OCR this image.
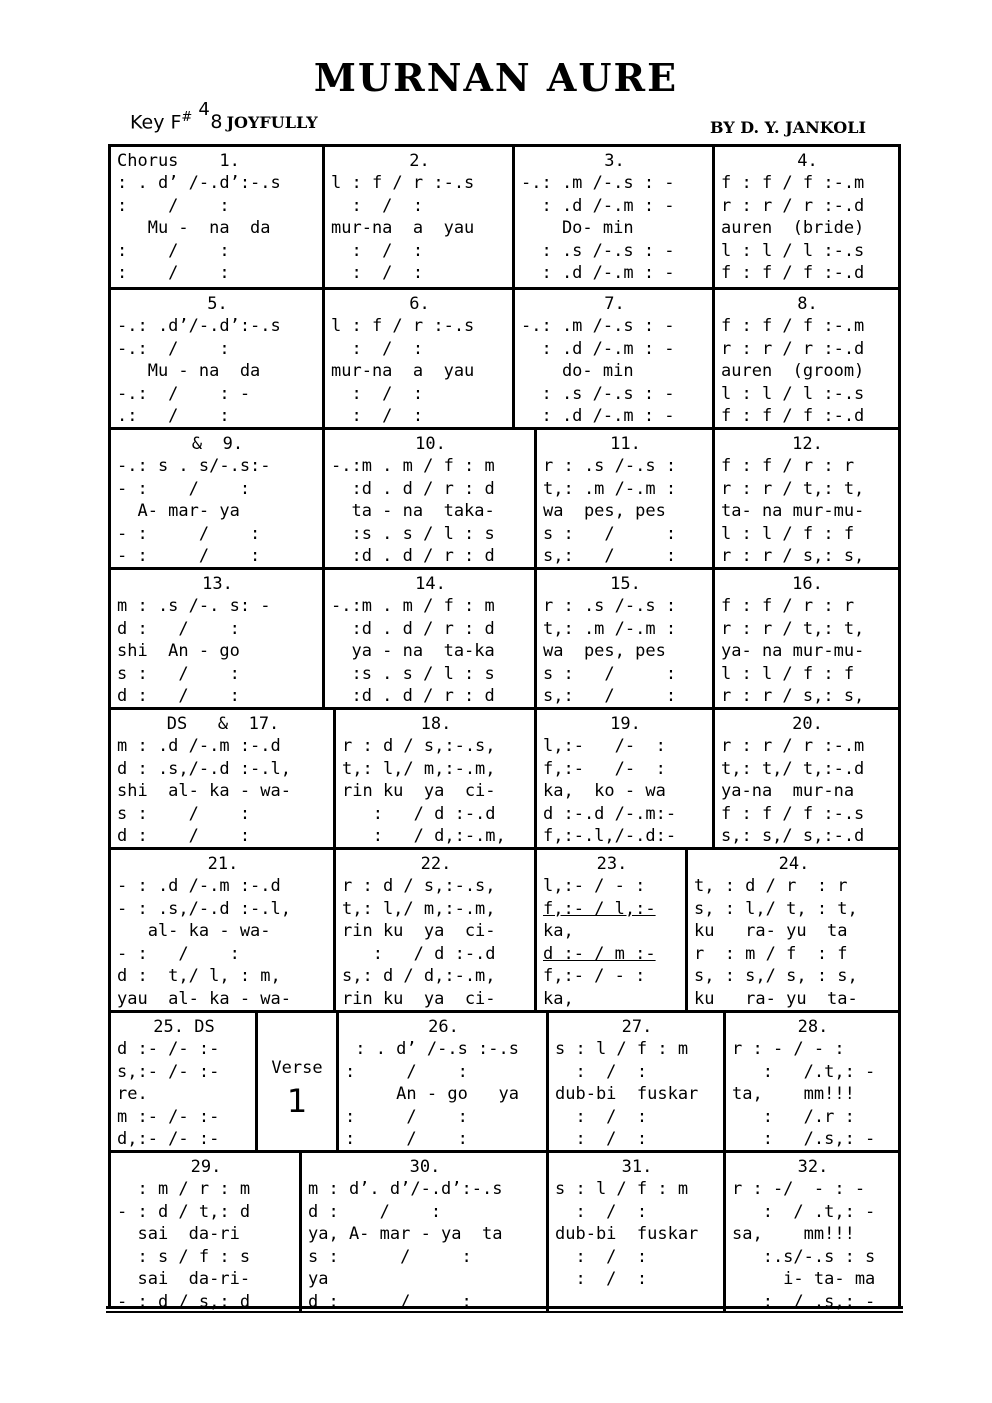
MURNAN AURE
Key F# 4
8 JOYFULLY	BY D. Y. JANKOLI
Verse
1
Chorus    1.
: . d’ /-.d’:-.s
:    /    :
Mu -  na  da
:    /    :
:    /    :
2.
l : f / r :-.s
:  /  :
mur-na  a  yau
:  /  :
:  /  :
3.
-.: .m /-.s : -
: .d /-.m : -
Do- min
: .s /-.s : -
: .d /-.m : -
4.
f : f / f :-.m
r : r / r :-.d
auren  (bride)
l : l / l :-.s
f : f / f :-.d
5.
-.: .d’/-.d’:-.s
-.:  /    :
Mu - na  da
-.:  /    : -
.:   /    :
6.
l : f / r :-.s
:  /  :
mur-na  a  yau
:  /  :
:  /  :
7.
-.: .m /-.s : -
: .d /-.m : -
do- min
: .s /-.s : -
: .d /-.m : -
8.
f : f / f :-.m
r : r / r :-.d
auren  (groom)
l : l / l :-.s
f : f / f :-.d
&  9.
-.: s . s/-.s:-
- :    /    :
A- mar- ya
- :     /    :
- :     /    :
10.
-.:m . m / f : m
:d . d / r : d
ta - na  taka-
:s . s / l : s
:d . d / r : d
11.
r : .s /-.s :
t,: .m /-.m :
wa  pes, pes
s :   /     :
s,:   /     :
12.
f : f / r : r
r : r / t,: t,
ta- na mur-mu-
l : l / f : f
r : r / s,: s,
13.
m : .s /-. s: -
d :   /    :
shi  An - go
s :   /    :
d :   /    :
14.
-.:m . m / f : m
:d . d / r : d
ya - na  ta-ka
:s . s / l : s
:d . d / r : d
15.
r : .s /-.s :
t,: .m /-.m :
wa  pes, pes
s :   /     :
s,:   /     :
16.
f : f / r : r
r : r / t,: t,
ya- na mur-mu-
l : l / f : f
r : r / s,: s,
DS   &  17.
m : .d /-.m :-.d
d : .s,/-.d :-.l,
shi  al- ka - wa-
s :    /    :
d :    /    :
18.
r : d / s,:-.s,
t,: l,/ m,:-.m,
rin ku  ya  ci-
:   / d :-.d
:   / d,:-.m,
19.
l,:-   /-  :
f,:-   /-  :
ka,  ko - wa
d :-.d /-.m:-
f,:-.l,/-.d:-
20.
r : r / r :-.m
t,: t,/ t,:-.d
ya-na  mur-na
f : f / f :-.s
s,: s,/ s,:-.d
21.
- : .d /-.m :-.d
- : .s,/-.d :-.l,
al- ka - wa-
- :   /    :
d :  t,/ l, : m,
yau  al- ka - wa-
22.
r : d / s,:-.s,
t,: l,/ m,:-.m,
rin ku  ya  ci-
:   / d :-.d
s,: d / d,:-.m,
rin ku  ya  ci-
23.
l,:- / - :
f,:- / l,:-
ka,
d :- / m :-
f,:- / - :
ka,
24.
t, : d / r  : r
s, : l,/ t, : t,
ku   ra- yu  ta
r  : m / f  : f
s, : s,/ s, : s,
ku   ra- yu  ta-
25. DS
d :- /- :-
s,:- /- :-
re.
m :- /- :-
d,:- /- :-
26.
: . d’ /-.s :-.s
:     /    :
An - go   ya
:     /    :
:     /    :
27.
s : l / f : m
:  /  :
dub-bi  fuskar
:  /  :
:  /  :
28.
r : - / - :
:   /.t,: -
ta,    mm!!!
:   /.r :
:   /.s,: -
29.
: m / r : m
- : d / t,: d
sai  da-ri
: s / f : s
sai  da-ri-
- : d / s,: d
30.
m : d’. d’/-.d’:-.s
d :    /    :
ya, A- mar - ya  ta
s :      /     :
ya
d :      /     :
31.
s : l / f : m
:  /  :
dub-bi  fuskar
:  /  :
:  /  :
32.
r : -/  - : -
:  / .t,: -
sa,    mm!!!
:.s/-.s : s
i- ta- ma
:  / .s,: -
